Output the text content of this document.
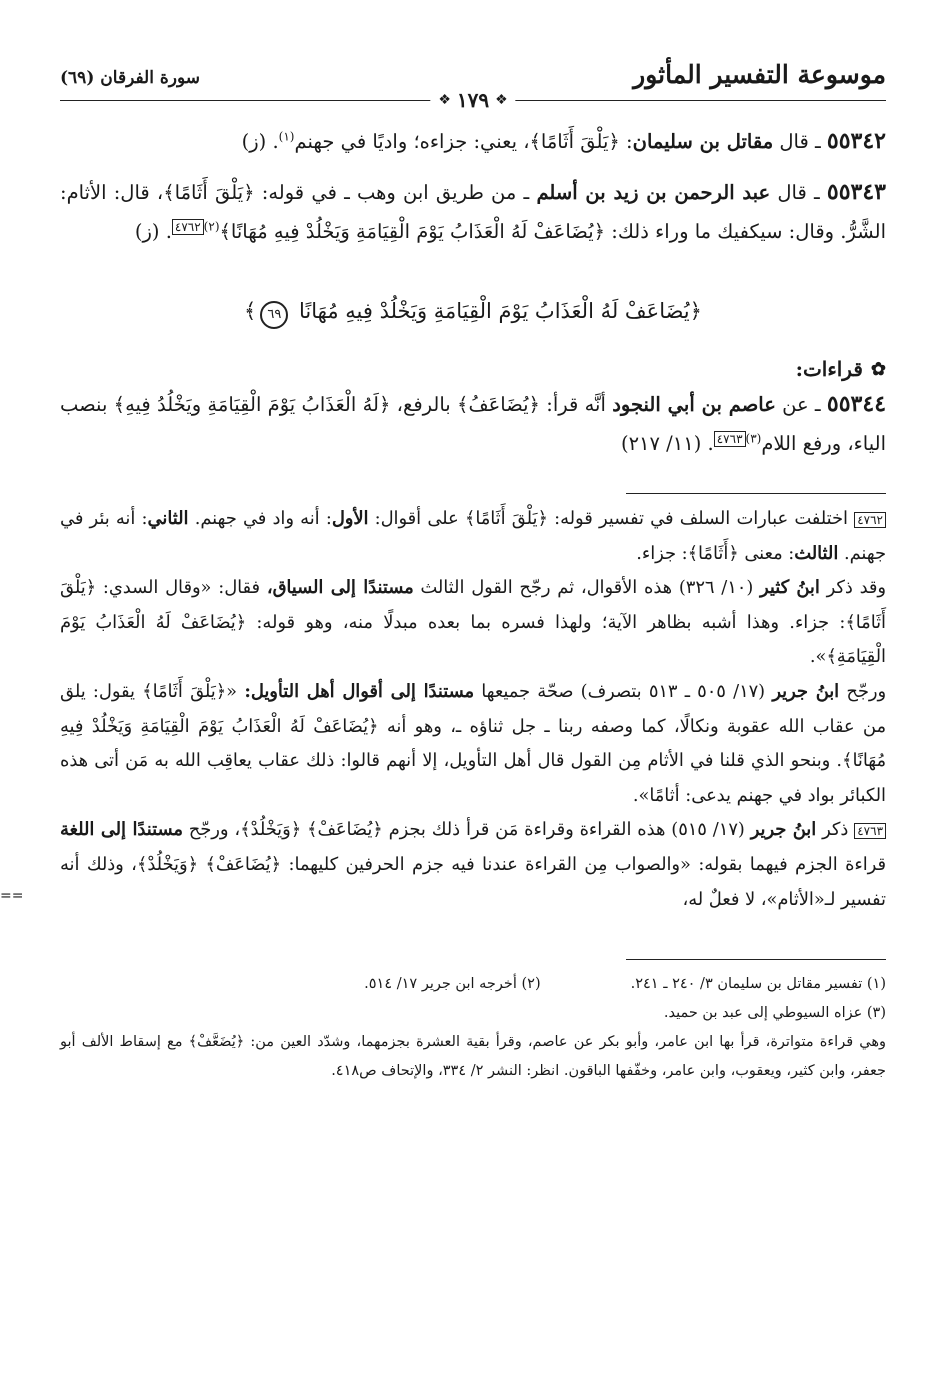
موسوعة التفسير المأثور
سورة الفرقان (٦٩)
❖
١٧٩
❖

٥٥٣٤٢ ـ قال مقاتل بن سليمان: ﴿يَلْقَ أَثَامًا﴾، يعني: جزاءه؛ واديًا في جهنم$^{(١)}$. (ز)

٥٥٣٤٣ ـ قال عبد الرحمن بن زيد بن أسلم ـ من طريق ابن وهب ـ في قوله: ﴿يَلْقَ أَثَامًا﴾، قال: الأثام: الشَّرُّ. وقال: سيكفيك ما وراء ذلك: ﴿يُضَاعَفْ لَهُ الْعَذَابُ يَوْمَ الْقِيَامَةِ وَيَخْلُدْ فِيهِ مُهَانًا﴾$^{(٢)}$٤٧٦٢. (ز)

﴿يُضَاعَفْ لَهُ الْعَذَابُ يَوْمَ الْقِيَامَةِ وَيَخْلُدْ فِيهِ مُهَانًا ٦٩﴾
✿
قراءات:

٥٥٣٤٤ ـ عن عاصم بن أبي النجود أنَّه قرأ: ﴿يُضَاعَفُ﴾ بالرفع، ﴿لَهُ الْعَذَابُ يَوْمَ الْقِيَامَةِ ويَخْلُدُ فِيهِ﴾ بنصب الياء، ورفع اللام$^{(٣)}$٤٧٦٣. (١١/ ٢١٧)

٤٧٦٢ اختلفت عبارات السلف في تفسير قوله: ﴿يَلْقَ أَثَامًا﴾ على أقوال: الأول: أنه واد في جهنم. الثاني: أنه بئر في جهنم. الثالث: معنى ﴿أَثَامًا﴾: جزاء.

وقد ذكر ابنُ كثير (١٠/ ٣٢٦) هذه الأقوال، ثم رجّح القول الثالث مستندًا إلى السياق، فقال: «وقال السدي: ﴿يَلْقَ أَثَامًا﴾: جزاء. وهذا أشبه بظاهر الآية؛ ولهذا فسره بما بعده مبدلًا منه، وهو قوله: ﴿يُضَاعَفْ لَهُ الْعَذَابُ يَوْمَ الْقِيَامَةِ﴾».

ورجّح ابنُ جرير (١٧/ ٥٠٥ ـ ٥١٣ بتصرف) صحّة جميعها مستندًا إلى أقوال أهل التأويل: «﴿يَلْقَ أَثَامًا﴾ يقول: يلق من عقاب الله عقوبة ونكالًا، كما وصفه ربنا ـ جل ثناؤه ـ، وهو أنه ﴿يُضَاعَفْ لَهُ الْعَذَابُ يَوْمَ الْقِيَامَةِ وَيَخْلُدْ فِيهِ مُهَانًا﴾. وبنحو الذي قلنا في الأثام مِن القول قال أهل التأويل، إلا أنهم قالوا: ذلك عقاب يعاقِب الله به مَن أتى هذه الكبائر بواد في جهنم يدعى: أثامًا».

٤٧٦٣ ذكر ابنُ جرير (١٧/ ٥١٥) هذه القراءة وقراءة مَن قرأ ذلك بجزم ﴿يُضَاعَفْ﴾ ﴿وَيَخْلُدْ﴾، ورجّح مستندًا إلى اللغة قراءة الجزم فيهما بقوله: «والصواب مِن القراءة عندنا فيه جزم الحرفين كليهما: ﴿يُضَاعَفْ﴾ ﴿وَيَخْلُدْ﴾، وذلك أنه تفسير لـ«الأثام»، لا فعلٌ له،
==

(١) تفسير مقاتل بن سليمان ٣/ ٢٤٠ ـ ٢٤١.

(٢) أخرجه ابن جرير ١٧/ ٥١٤.

(٣) عزاه السيوطي إلى عبد بن حميد.

وهي قراءة متواترة، قرأ بها ابن عامر، وأبو بكر عن عاصم، وقرأ بقية العشرة بجزمهما، وشدّد العين من: ﴿يُضَعَّفْ﴾ مع إسقاط الألف أبو جعفر، وابن كثير، ويعقوب، وابن عامر، وخفّفها الباقون. انظر: النشر ٢/ ٣٣٤، والإتحاف ص٤١٨.
